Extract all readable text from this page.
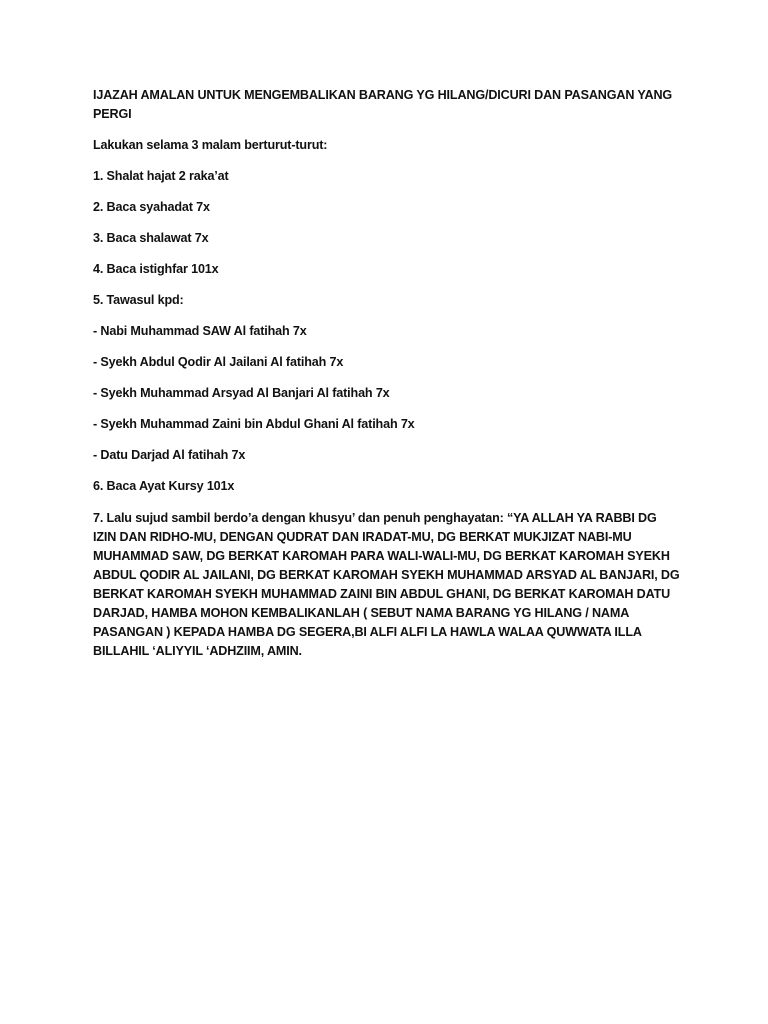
IJAZAH AMALAN UNTUK MENGEMBALIKAN BARANG YG HILANG/DICURI DAN PASANGAN YANG PERGI

Lakukan selama 3 malam berturut-turut:

1. Shalat hajat 2 raka’at

2. Baca syahadat 7x

3. Baca shalawat 7x

4. Baca istighfar 101x

5. Tawasul kpd:

- Nabi Muhammad SAW Al fatihah 7x

- Syekh Abdul Qodir Al Jailani Al fatihah 7x

- Syekh Muhammad Arsyad Al Banjari Al fatihah 7x

- Syekh Muhammad Zaini bin Abdul Ghani Al fatihah 7x

- Datu Darjad Al fatihah 7x

6. Baca Ayat Kursy 101x

7. Lalu sujud sambil berdo’a dengan khusyu’ dan penuh penghayatan: “YA ALLAH YA RABBI DG IZIN DAN RIDHO-MU, DENGAN QUDRAT DAN IRADAT-MU, DG BERKAT MUKJIZAT NABI-MU MUHAMMAD SAW, DG BERKAT KAROMAH PARA WALI-WALI-MU, DG BERKAT KAROMAH SYEKH ABDUL QODIR AL JAILANI, DG BERKAT KAROMAH SYEKH MUHAMMAD ARSYAD AL BANJARI, DG BERKAT KAROMAH SYEKH MUHAMMAD ZAINI BIN ABDUL GHANI, DG BERKAT KAROMAH DATU DARJAD, HAMBA MOHON KEMBALIKANLAH ( SEBUT NAMA BARANG YG HILANG / NAMA PASANGAN ) KEPADA HAMBA DG SEGERA,BI ALFI ALFI LA HAWLA WALAA QUWWATA ILLA BILLAHIL ‘ALIYYIL ‘ADHZIIM, AMIN.
